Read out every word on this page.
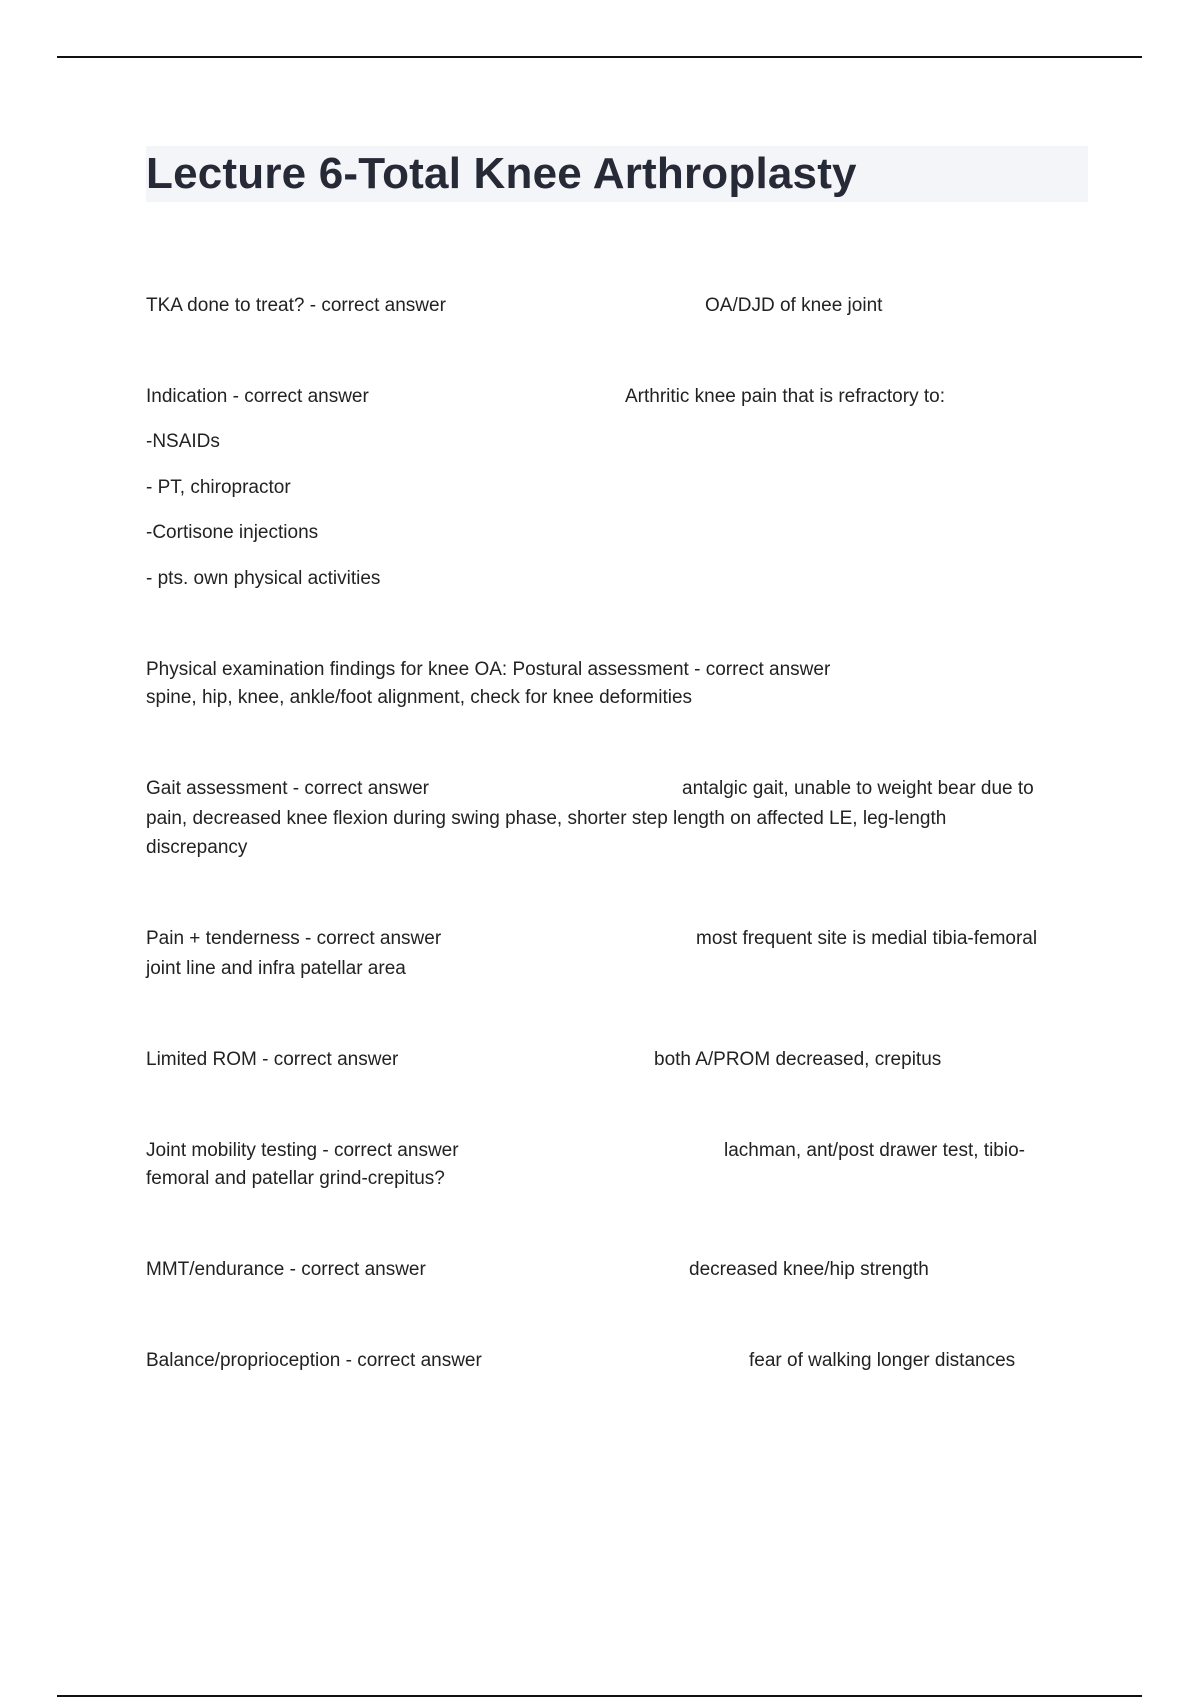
Lecture 6-Total Knee Arthroplasty
TKA done to treat? - correct answer	OA/DJD of knee joint
Indication - correct answer	Arthritic knee pain that is refractory to:
-NSAIDs
- PT, chiropractor
-Cortisone injections
- pts. own physical activities
Physical examination findings for knee OA: Postural assessment - correct answer
spine, hip, knee, ankle/foot alignment, check for knee deformities
Gait assessment - correct answer	antalgic gait, unable to weight bear due to
pain, decreased knee flexion during swing phase, shorter step length on affected LE, leg-length discrepancy
Pain + tenderness - correct answer	most frequent site is medial tibia-femoral
joint line and infra patellar area
Limited ROM - correct answer	both A/PROM decreased, crepitus
Joint mobility testing - correct answer	lachman, ant/post drawer test, tibio-
femoral and patellar grind-crepitus?
MMT/endurance - correct answer	decreased knee/hip strength
Balance/proprioception - correct answer	fear of walking longer distances
